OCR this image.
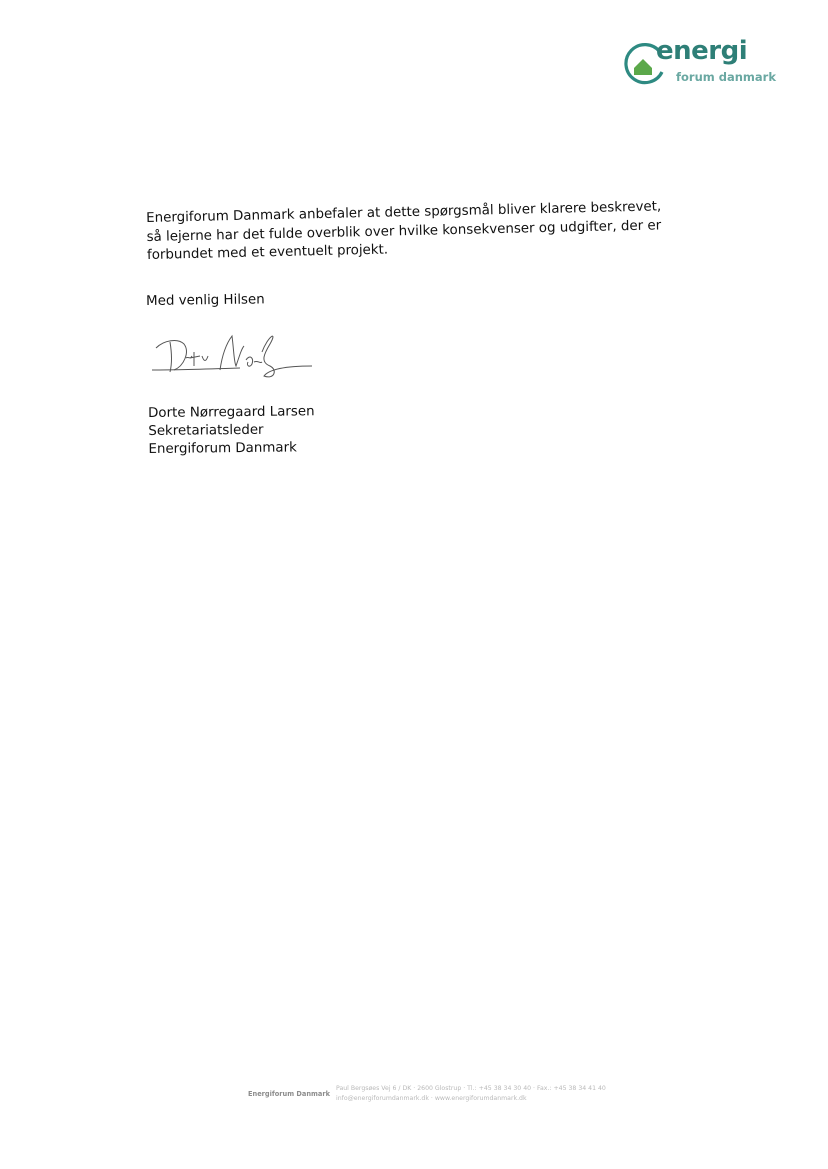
energi
forum danmark

Energiforum Danmark anbefaler at dette spørgsmål bliver klarere beskrevet, så lejerne har det fulde overblik over hvilke konsekvenser og udgifter, der er forbundet med et eventuelt projekt.

Med venlig Hilsen
Dorte Nørregaard Larsen
Sekretariatsleder
Energiforum Danmark
Energiforum Danmark
Paul Bergsøes Vej 6 / DK · 2600 Glostrup · Tl.: +45 38 34 30 40 · Fax.: +45 38 34 41 40
info@energiforumdanmark.dk · www.energiforumdanmark.dk
